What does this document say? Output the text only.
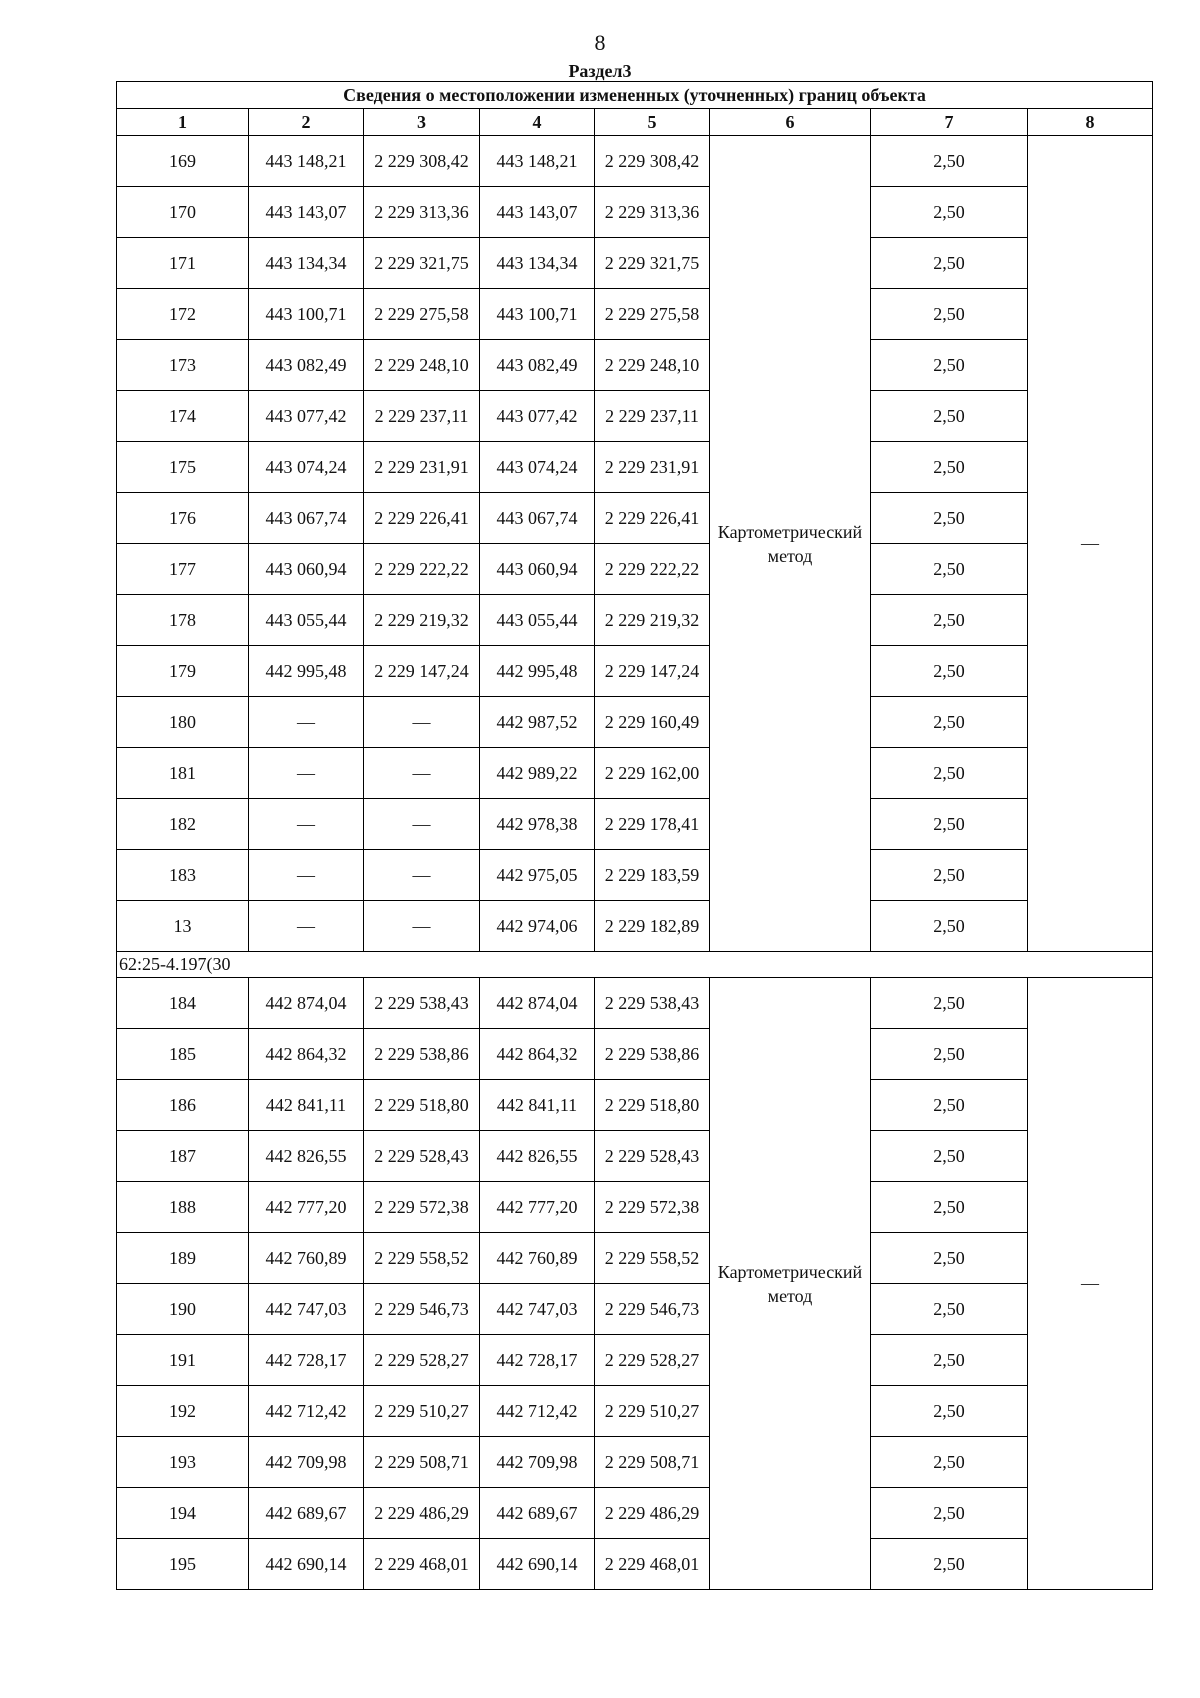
8
Раздел3
Сведения о местоположении измененных (уточненных) границ объекта							
1	2	3	4	5	6	7	8
169	443 148,21	2 229 308,42	443 148,21	2 229 308,42	Картометрический метод	2,50	—
170	443 143,07	2 229 313,36	443 143,07	2 229 313,36		2,50	
171	443 134,34	2 229 321,75	443 134,34	2 229 321,75		2,50	
172	443 100,71	2 229 275,58	443 100,71	2 229 275,58		2,50	
173	443 082,49	2 229 248,10	443 082,49	2 229 248,10		2,50	
174	443 077,42	2 229 237,11	443 077,42	2 229 237,11		2,50	
175	443 074,24	2 229 231,91	443 074,24	2 229 231,91		2,50	
176	443 067,74	2 229 226,41	443 067,74	2 229 226,41		2,50	
177	443 060,94	2 229 222,22	443 060,94	2 229 222,22		2,50	
178	443 055,44	2 229 219,32	443 055,44	2 229 219,32		2,50	
179	442 995,48	2 229 147,24	442 995,48	2 229 147,24		2,50	
180	—	—	442 987,52	2 229 160,49		2,50	
181	—	—	442 989,22	2 229 162,00		2,50	
182	—	—	442 978,38	2 229 178,41		2,50	
183	—	—	442 975,05	2 229 183,59		2,50	
13	—	—	442 974,06	2 229 182,89		2,50	
62:25-4.197(30							
184	442 874,04	2 229 538,43	442 874,04	2 229 538,43	Картометрический метод	2,50	—
185	442 864,32	2 229 538,86	442 864,32	2 229 538,86		2,50	
186	442 841,11	2 229 518,80	442 841,11	2 229 518,80		2,50	
187	442 826,55	2 229 528,43	442 826,55	2 229 528,43		2,50	
188	442 777,20	2 229 572,38	442 777,20	2 229 572,38		2,50	
189	442 760,89	2 229 558,52	442 760,89	2 229 558,52		2,50	
190	442 747,03	2 229 546,73	442 747,03	2 229 546,73		2,50	
191	442 728,17	2 229 528,27	442 728,17	2 229 528,27		2,50	
192	442 712,42	2 229 510,27	442 712,42	2 229 510,27		2,50	
193	442 709,98	2 229 508,71	442 709,98	2 229 508,71		2,50	
194	442 689,67	2 229 486,29	442 689,67	2 229 486,29		2,50	
195	442 690,14	2 229 468,01	442 690,14	2 229 468,01		2,50	
